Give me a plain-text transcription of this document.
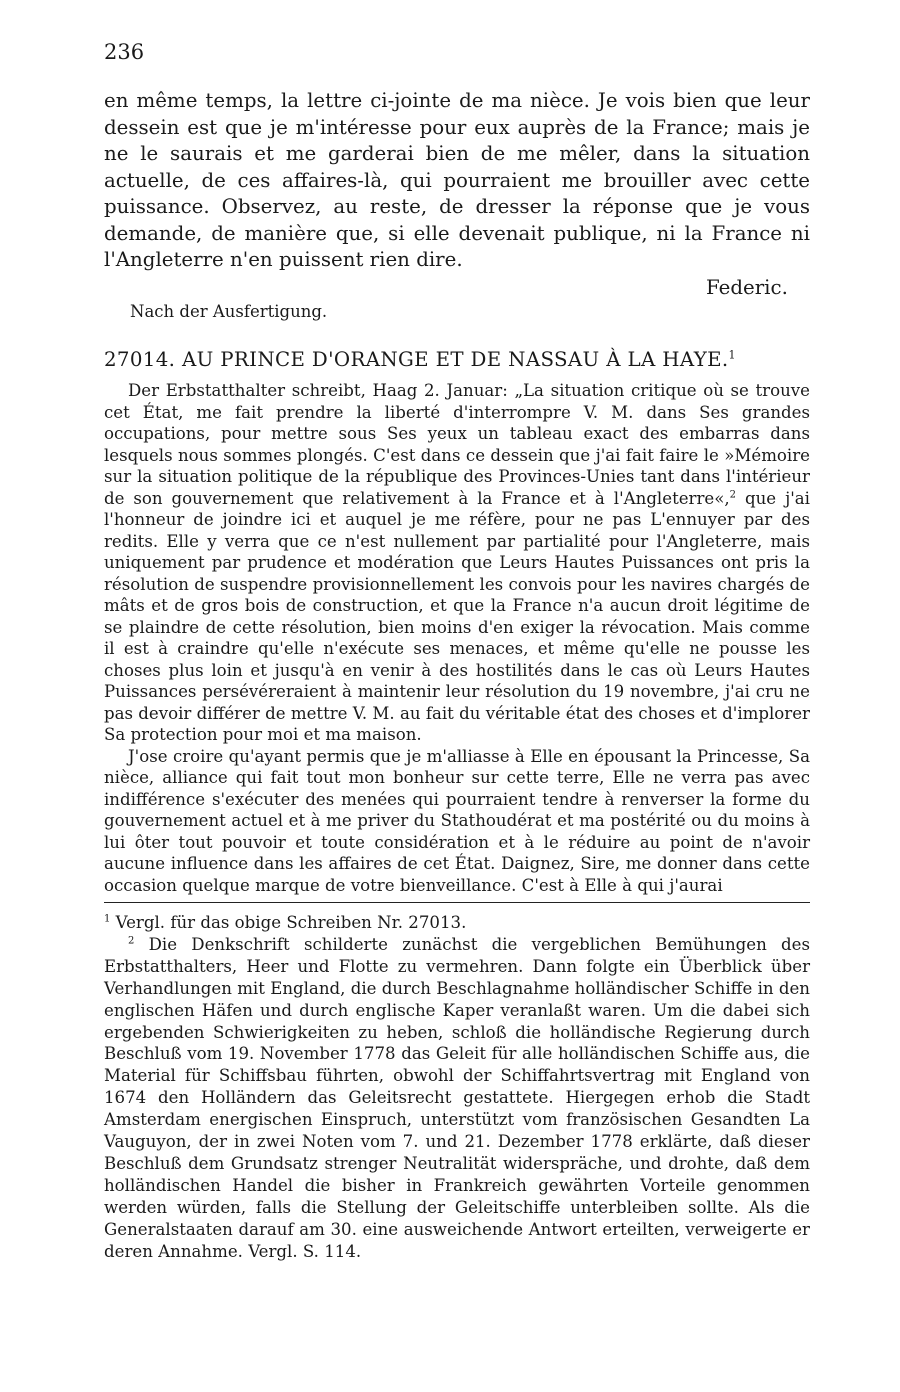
236

en même temps, la lettre ci-jointe de ma nièce. Je vois bien que leur dessein est que je m'intéresse pour eux auprès de la France; mais je ne le saurais et me garderai bien de me mêler, dans la situation actuelle, de ces affaires-là, qui pourraient me brouiller avec cette puissance. Observez, au reste, de dresser la réponse que je vous demande, de manière que, si elle devenait publique, ni la France ni l'Angleterre n'en puissent rien dire.

Federic.
Nach der Ausfertigung.
27014. AU PRINCE D'ORANGE ET DE NASSAU À LA HAYE.$^1$

Der Erbstatthalter schreibt, Haag 2. Januar: „La situation critique où se trouve cet État, me fait prendre la liberté d'interrompre V. M. dans Ses grandes occupations, pour mettre sous Ses yeux un tableau exact des embarras dans lesquels nous sommes plongés. C'est dans ce dessein que j'ai fait faire le »Mémoire sur la situation politique de la république des Provinces-Unies tant dans l'intérieur de son gouvernement que relativement à la France et à l'Angleterre«,$^2$ que j'ai l'honneur de joindre ici et auquel je me réfère, pour ne pas L'ennuyer par des redits. Elle y verra que ce n'est nullement par partialité pour l'Angleterre, mais uniquement par prudence et modération que Leurs Hautes Puissances ont pris la résolution de suspendre provisionnellement les convois pour les navires chargés de mâts et de gros bois de construction, et que la France n'a aucun droit légitime de se plaindre de cette résolution, bien moins d'en exiger la révocation. Mais comme il est à craindre qu'elle n'exécute ses menaces, et même qu'elle ne pousse les choses plus loin et jusqu'à en venir à des hostilités dans le cas où Leurs Hautes Puissances persévéreraient à maintenir leur résolution du 19 novembre, j'ai cru ne pas devoir différer de mettre V. M. au fait du véritable état des choses et d'implorer Sa protection pour moi et ma maison.

J'ose croire qu'ayant permis que je m'alliasse à Elle en épousant la Princesse, Sa nièce, alliance qui fait tout mon bonheur sur cette terre, Elle ne verra pas avec indifférence s'exécuter des menées qui pourraient tendre à renverser la forme du gouvernement actuel et à me priver du Stathoudérat et ma postérité ou du moins à lui ôter tout pouvoir et toute considération et à le réduire au point de n'avoir aucune influence dans les affaires de cet État. Daignez, Sire, me donner dans cette occasion quelque marque de votre bienveillance. C'est à Elle à qui j'aurai

$^1$ Vergl. für das obige Schreiben Nr. 27013.

$^2$ Die Denkschrift schilderte zunächst die vergeblichen Bemühungen des Erbstatthalters, Heer und Flotte zu vermehren. Dann folgte ein Überblick über Verhandlungen mit England, die durch Beschlagnahme holländischer Schiffe in den englischen Häfen und durch englische Kaper veranlaßt waren. Um die dabei sich ergebenden Schwierigkeiten zu heben, schloß die holländische Regierung durch Beschluß vom 19. November 1778 das Geleit für alle holländischen Schiffe aus, die Material für Schiffsbau führten, obwohl der Schiffahrtsvertrag mit England von 1674 den Holländern das Geleitsrecht gestattete. Hiergegen erhob die Stadt Amsterdam energischen Einspruch, unterstützt vom französischen Gesandten La Vauguyon, der in zwei Noten vom 7. und 21. Dezember 1778 erklärte, daß dieser Beschluß dem Grundsatz strenger Neutralität widerspräche, und drohte, daß dem holländischen Handel die bisher in Frankreich gewährten Vorteile genommen werden würden, falls die Stellung der Geleitschiffe unterbleiben sollte. Als die Generalstaaten darauf am 30. eine ausweichende Antwort erteilten, verweigerte er deren Annahme. Vergl. S. 114.
